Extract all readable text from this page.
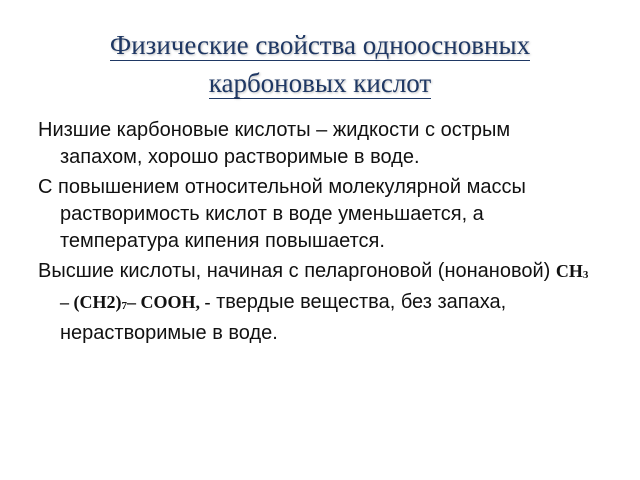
Физические свойства одноосновных
карбоновых кислот

Низшие карбоновые кислоты – жидкости с острым запахом, хорошо растворимые в воде.

С повышением относительной молекулярной массы растворимость кислот в воде уменьшается, а температура кипения повышается.

Высшие кислоты, начиная с пеларгоновой (нонановой) $CH_3 - (CH2)_7-$ COOH, - твердые вещества, без запаха, нерастворимые в воде.
